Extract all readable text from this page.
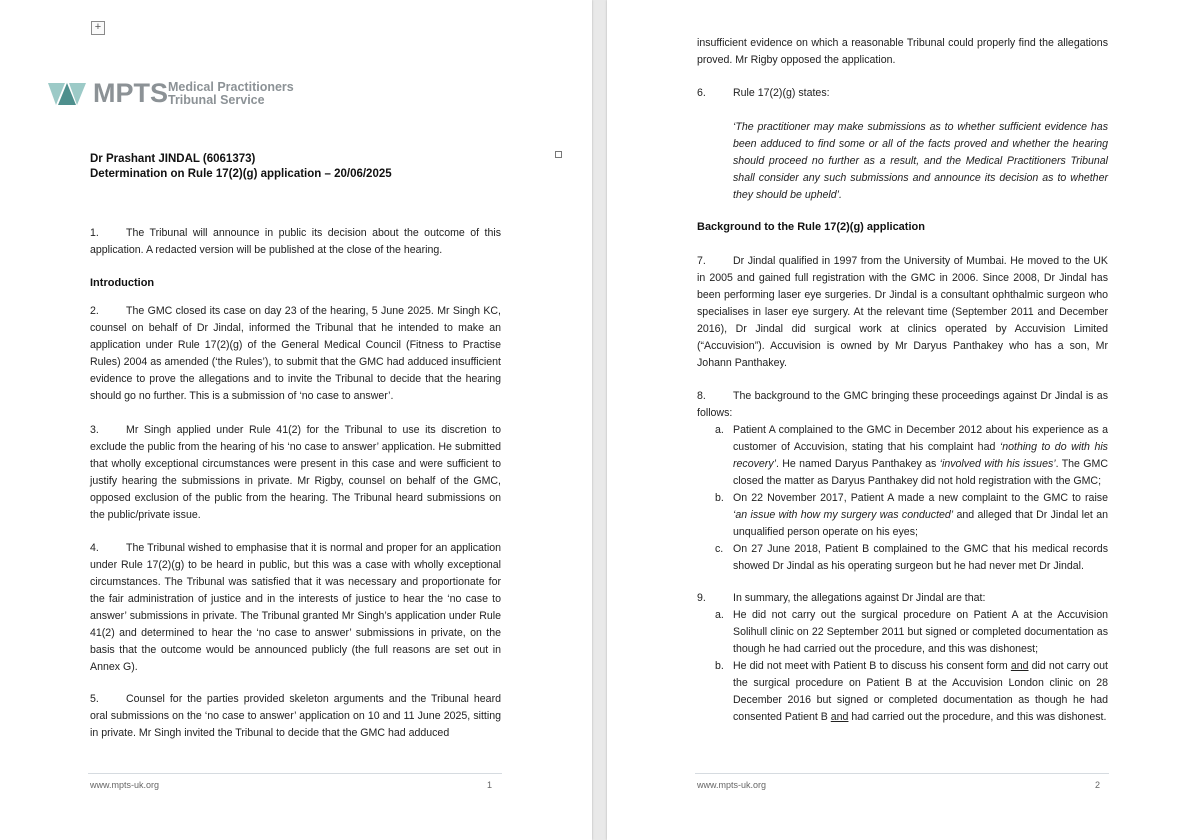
+
MPTS Medical Practitioners
Tribunal Service
Dr Prashant JINDAL (6061373)
Determination on Rule 17(2)(g) application – 20/06/2025

1.	The Tribunal will announce in public its decision about the outcome of this application. A redacted version will be published at the close of the hearing.

Introduction

2.	The GMC closed its case on day 23 of the hearing, 5 June 2025. Mr Singh KC, counsel on behalf of Dr Jindal, informed the Tribunal that he intended to make an application under Rule 17(2)(g) of the General Medical Council (Fitness to Practise Rules) 2004 as amended (‘the Rules’), to submit that the GMC had adduced insufficient evidence to prove the allegations and to invite the Tribunal to decide that the hearing should go no further. This is a submission of ‘no case to answer’.

3.	Mr Singh applied under Rule 41(2) for the Tribunal to use its discretion to exclude the public from the hearing of his ‘no case to answer’ application. He submitted that wholly exceptional circumstances were present in this case and were sufficient to justify hearing the submissions in private. Mr Rigby, counsel on behalf of the GMC, opposed exclusion of the public from the hearing. The Tribunal heard submissions on the public/private issue.

4.	The Tribunal wished to emphasise that it is normal and proper for an application under Rule 17(2)(g) to be heard in public, but this was a case with wholly exceptional circumstances. The Tribunal was satisfied that it was necessary and proportionate for the fair administration of justice and in the interests of justice to hear the ‘no case to answer’ submissions in private. The Tribunal granted Mr Singh’s application under Rule 41(2) and determined to hear the ‘no case to answer’ submissions in private, on the basis that the outcome would be announced publicly (the full reasons are set out in Annex G).

5.	Counsel for the parties provided skeleton arguments and the Tribunal heard oral submissions on the ‘no case to answer’ application on 10 and 11 June 2025, sitting in private. Mr Singh invited the Tribunal to decide that the GMC had adduced

www.mpts-uk.org	1

insufficient evidence on which a reasonable Tribunal could properly find the allegations proved. Mr Rigby opposed the application.

6.	Rule 17(2)(g) states:

‘The practitioner may make submissions as to whether sufficient evidence has been adduced to find some or all of the facts proved and whether the hearing should proceed no further as a result, and the Medical Practitioners Tribunal shall consider any such submissions and announce its decision as to whether they should be upheld’.

Background to the Rule 17(2)(g) application

7.	Dr Jindal qualified in 1997 from the University of Mumbai. He moved to the UK in 2005 and gained full registration with the GMC in 2006. Since 2008, Dr Jindal has been performing laser eye surgeries. Dr Jindal is a consultant ophthalmic surgeon who specialises in laser eye surgery. At the relevant time (September 2011 and December 2016), Dr Jindal did surgical work at clinics operated by Accuvision Limited (“Accuvision”). Accuvision is owned by Mr Daryus Panthakey who has a son, Mr Johann Panthakey.

8.	The background to the GMC bringing these proceedings against Dr Jindal is as follows:

a. Patient A complained to the GMC in December 2012 about his experience as a customer of Accuvision, stating that his complaint had ‘nothing to do with his recovery’. He named Daryus Panthakey as ‘involved with his issues’. The GMC closed the matter as Daryus Panthakey did not hold registration with the GMC;
b. On 22 November 2017, Patient A made a new complaint to the GMC to raise ‘an issue with how my surgery was conducted’ and alleged that Dr Jindal let an unqualified person operate on his eyes;
c. On 27 June 2018, Patient B complained to the GMC that his medical records showed Dr Jindal as his operating surgeon but he had never met Dr Jindal.

9.	In summary, the allegations against Dr Jindal are that:

a. He did not carry out the surgical procedure on Patient A at the Accuvision Solihull clinic on 22 September 2011 but signed or completed documentation as though he had carried out the procedure, and this was dishonest;
b. He did not meet with Patient B to discuss his consent form and did not carry out the surgical procedure on Patient B at the Accuvision London clinic on 28 December 2016 but signed or completed documentation as though he had consented Patient B and had carried out the procedure, and this was dishonest.
www.mpts-uk.org	2
